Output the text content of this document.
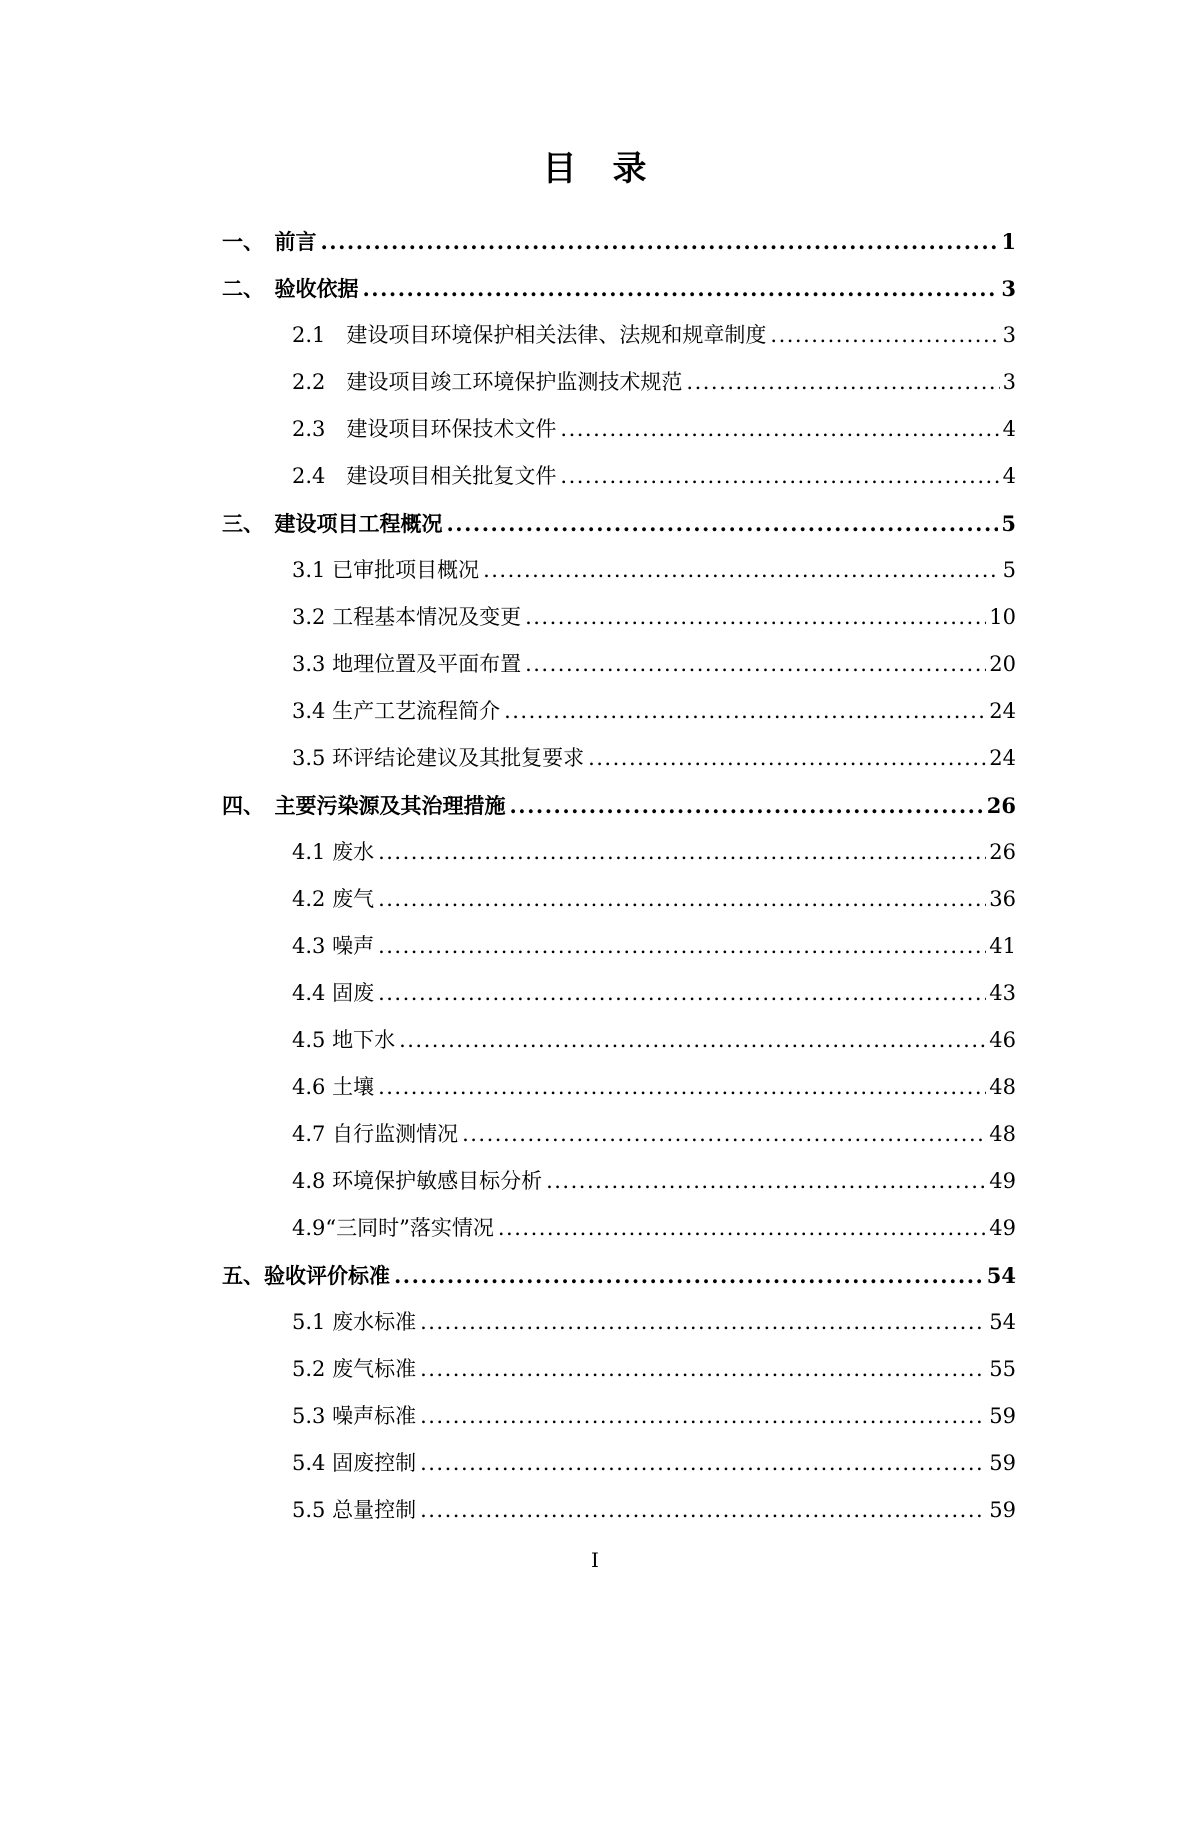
目　录
一、　前言 .....	1
二、　验收依据 .....	3
2.1　建设项目环境保护相关法律、法规和规章制度 .....	3
2.2　建设项目竣工环境保护监测技术规范 .....	3
2.3　建设项目环保技术文件 .....	4
2.4　建设项目相关批复文件 .....	4
三、　建设项目工程概况 .....	5
3.1 已审批项目概况 .....	5
3.2 工程基本情况及变更 .....	10
3.3 地理位置及平面布置 .....	20
3.4 生产工艺流程简介 .....	24
3.5 环评结论建议及其批复要求 .....	24
四、　主要污染源及其治理措施 .....	26
4.1 废水 .....	26
4.2 废气 .....	36
4.3 噪声 .....	41
4.4 固废 .....	43
4.5 地下水 .....	46
4.6 土壤 .....	48
4.7 自行监测情况 .....	48
4.8 环境保护敏感目标分析 .....	49
4.9“三同时”落实情况 .....	49
五、验收评价标准 .....	54
5.1 废水标准 .....	54
5.2 废气标准 .....	55
5.3 噪声标准 .....	59
5.4 固废控制 .....	59
5.5 总量控制 .....	59
I
